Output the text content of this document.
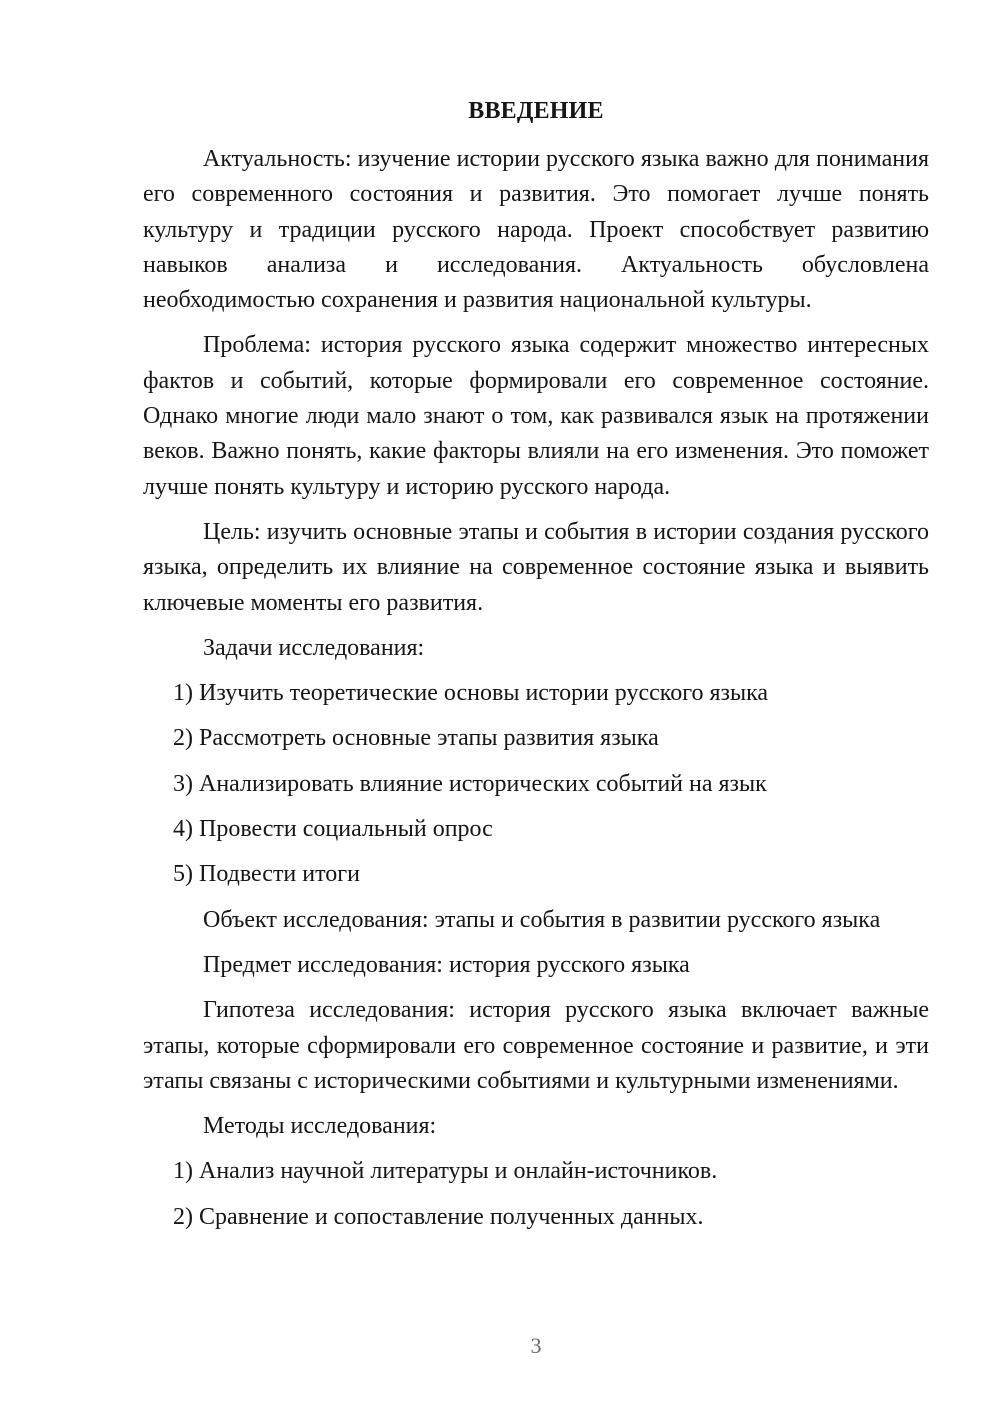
ВВЕДЕНИЕ

Актуальность: изучение истории русского языка важно для понимания его современного состояния и развития. Это помогает лучше понять культуру и традиции русского народа. Проект способствует развитию навыков анализа и исследования. Актуальность обусловлена необходимостью сохранения и развития национальной культуры.

Проблема: история русского языка содержит множество интересных фактов и событий, которые формировали его современное состояние. Однако многие люди мало знают о том, как развивался язык на протяжении веков. Важно понять, какие факторы влияли на его изменения. Это поможет лучше понять культуру и историю русского народа.

Цель: изучить основные этапы и события в истории создания русского языка, определить их влияние на современное состояние языка и выявить ключевые моменты его развития.

Задачи исследования:
1) Изучить теоретические основы истории русского языка
2) Рассмотреть основные этапы развития языка
3) Анализировать влияние исторических событий на язык
4) Провести социальный опрос
5) Подвести итоги
Объект исследования: этапы и события в развитии русского языка
Предмет исследования: история русского языка

Гипотеза исследования: история русского языка включает важные этапы, которые сформировали его современное состояние и развитие, и эти этапы связаны с историческими событиями и культурными изменениями.

Методы исследования:
1) Анализ научной литературы и онлайн-источников.
2) Сравнение и сопоставление полученных данных.
3
